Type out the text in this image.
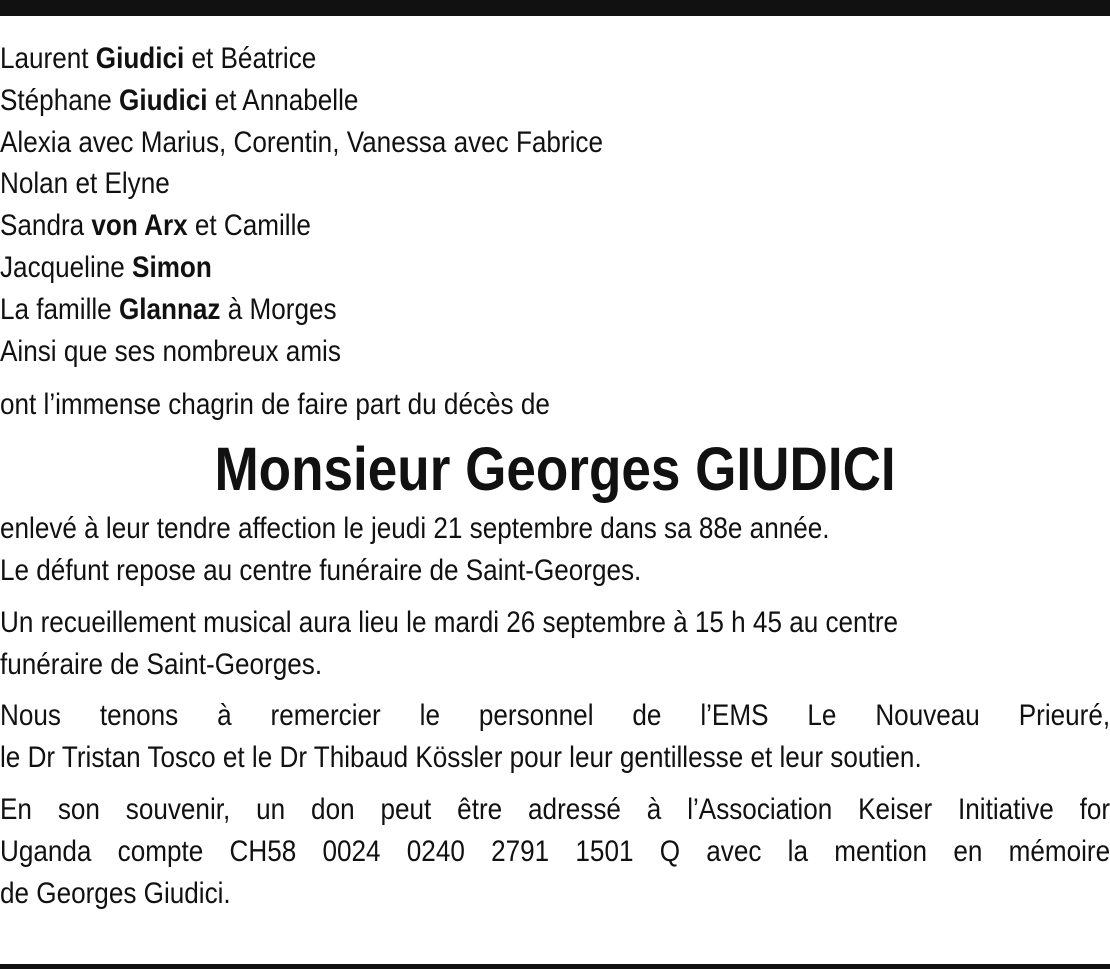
Laurent Giudici et Béatrice
Stéphane Giudici et Annabelle
Alexia avec Marius, Corentin, Vanessa avec Fabrice
Nolan et Elyne
Sandra von Arx et Camille
Jacqueline Simon
La famille Glannaz à Morges
Ainsi que ses nombreux amis
ont l’immense chagrin de faire part du décès de
Monsieur Georges GIUDICI
enlevé à leur tendre affection le jeudi 21 septembre dans sa 88e année.
Le défunt repose au centre funéraire de Saint-Georges.
Un recueillement musical aura lieu le mardi 26 septembre à 15 h 45 au centre
funéraire de Saint-Georges.
Nous tenons à remercier le personnel de l’EMS Le Nouveau Prieuré,
le Dr Tristan Tosco et le Dr Thibaud Kössler pour leur gentillesse et leur soutien.
En son souvenir, un don peut être adressé à l’Association Keiser Initiative for
Uganda compte CH58 0024 0240 2791 1501 Q avec la mention en mémoire
de Georges Giudici.
